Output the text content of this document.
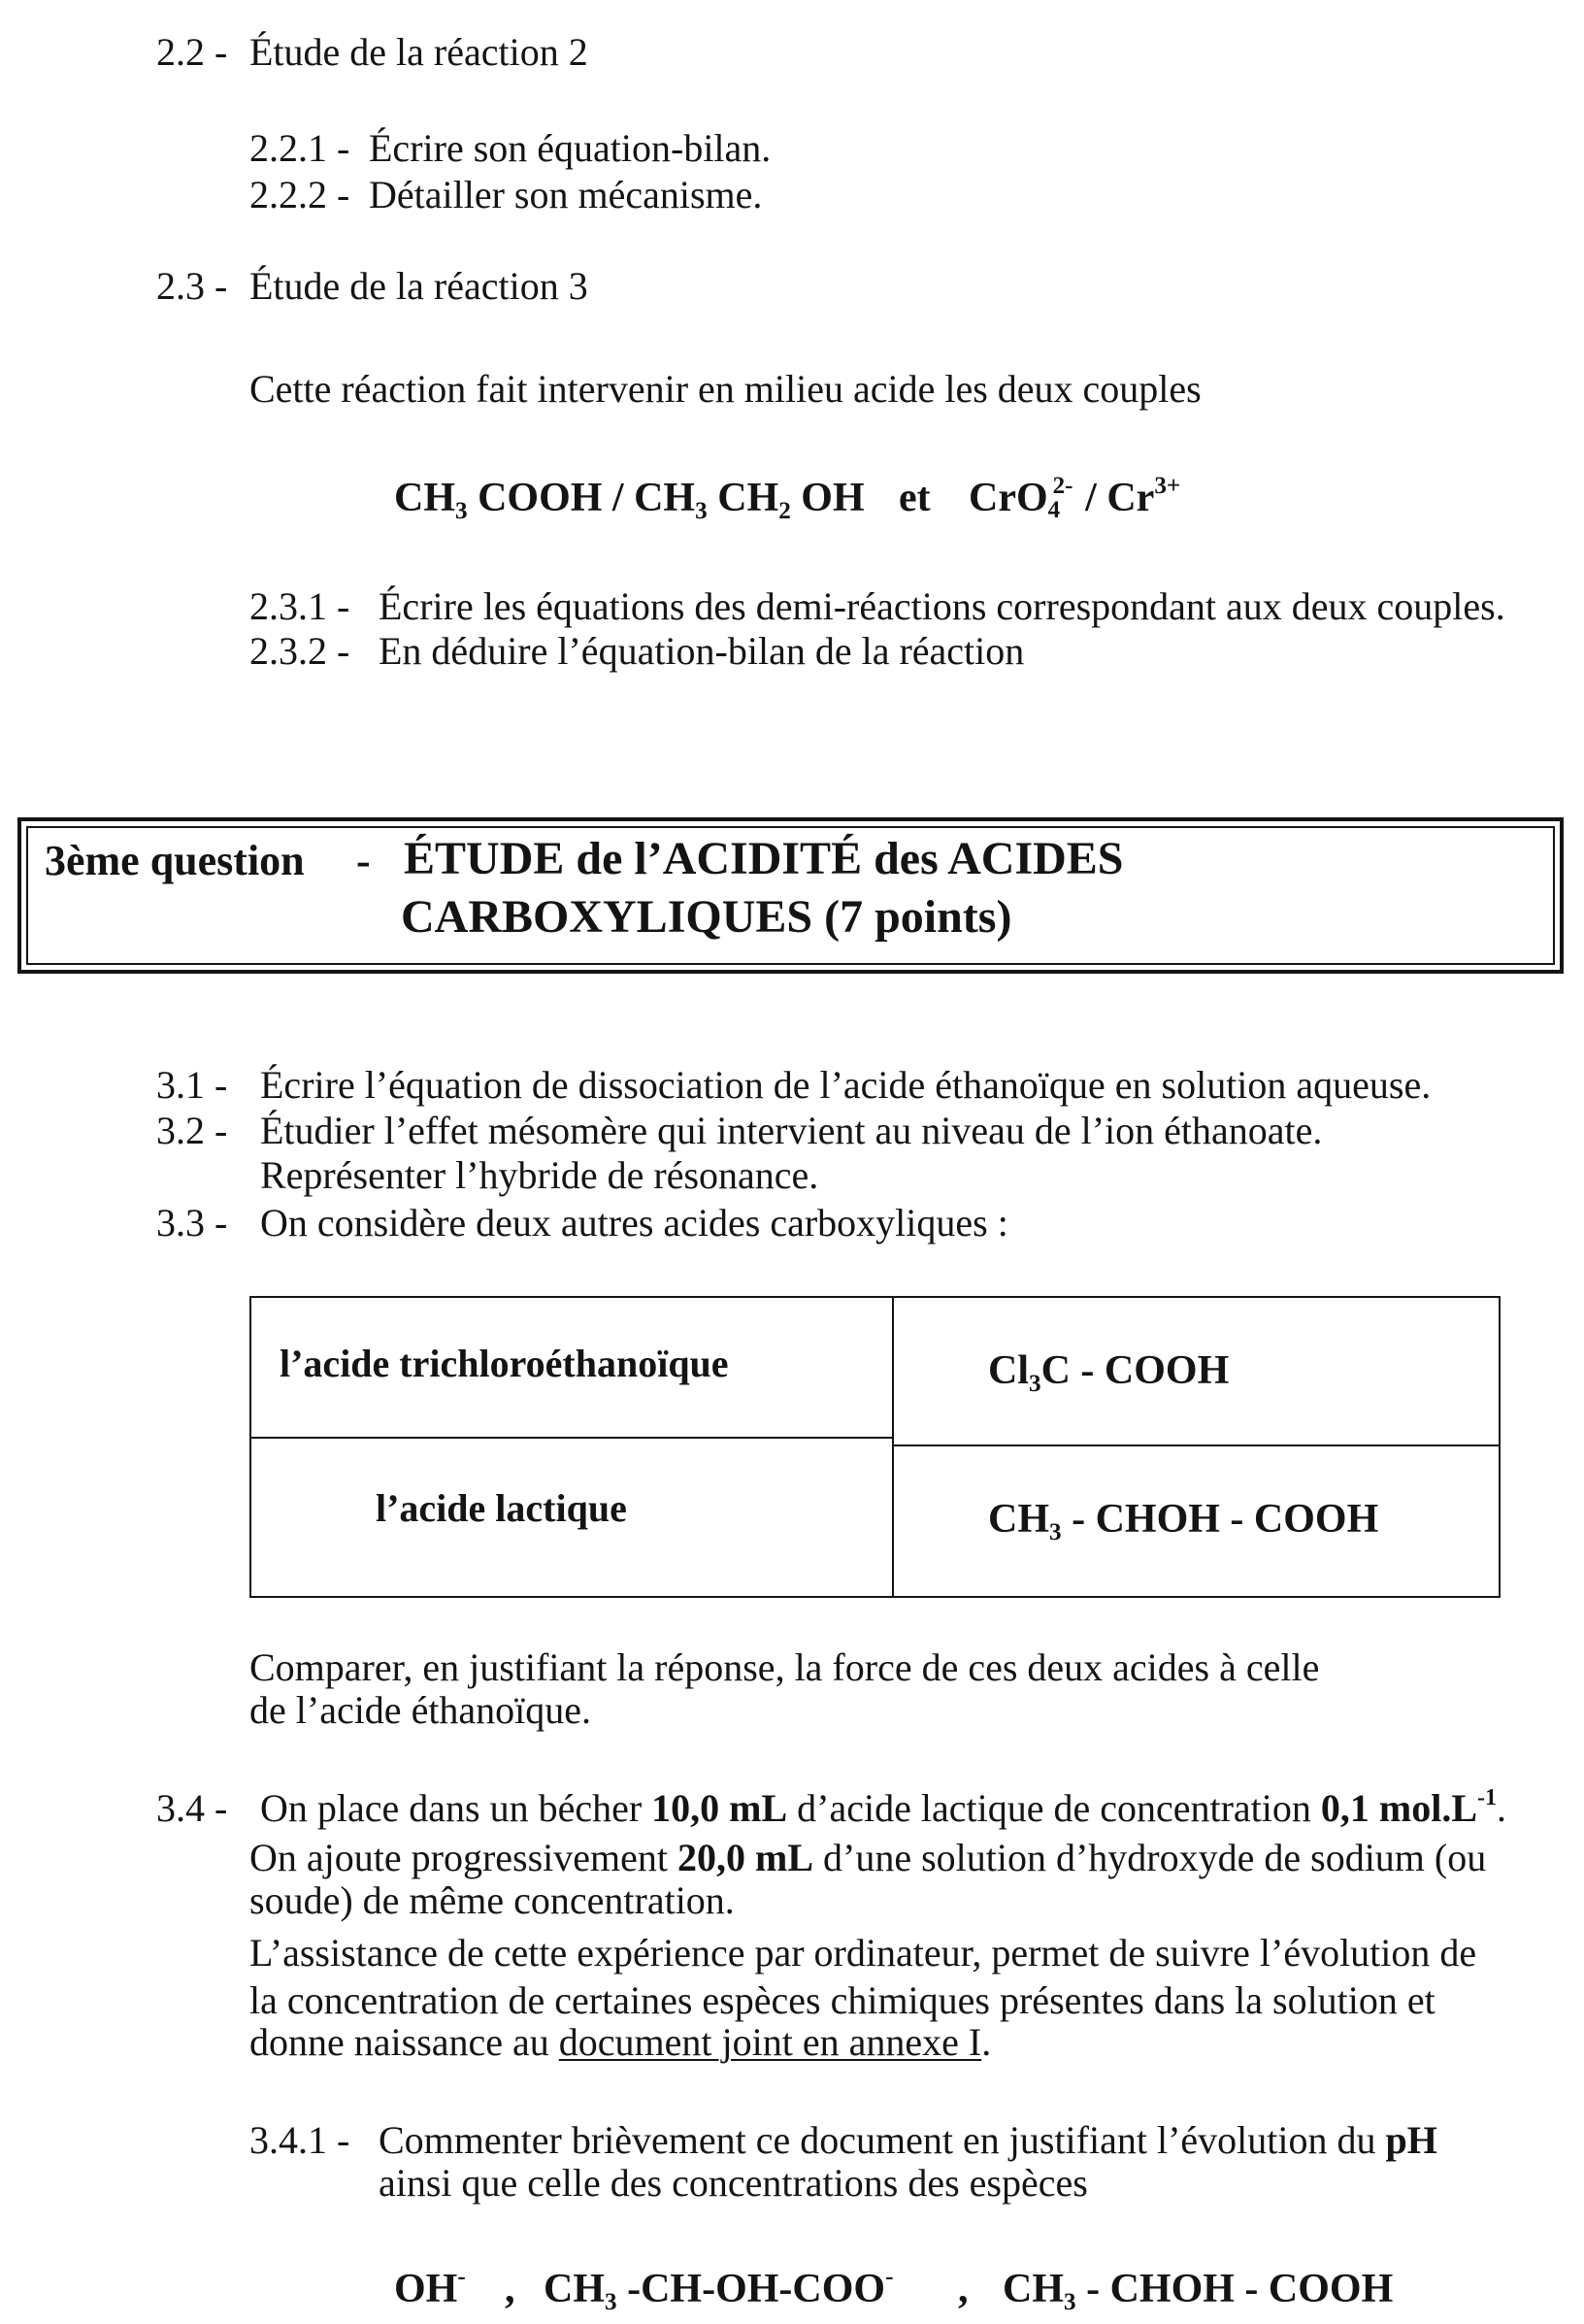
2.2 - Étude de la réaction 2
2.2.1 - Écrire son équation-bilan.
2.2.2 - Détailler son mécanisme.
2.3 - Étude de la réaction 3
Cette réaction fait intervenir en milieu acide les deux couples
CH3 COOH / CH3 CH2 OH et CrO 4
$2- / Cr^{3+}$
2.3.1 - Écrire les équations des demi-réactions correspondant aux deux couples.
2.3.2 - En déduire l’équation-bilan de la réaction
3ème question - ÉTUDE de l’ACIDITÉ des ACIDES
CARBOXYLIQUES (7 points)
3.1 - Écrire l’équation de dissociation de l’acide éthanoïque en solution aqueuse.
3.2 - Étudier l’effet mésomère qui intervient au niveau de l’ion éthanoate.
Représenter l’hybride de résonance.
3.3 - On considère deux autres acides carboxyliques :
l’acide trichloroéthanoïque	Cl3C - COOH
l’acide lactique	CH3 - CHOH - COOH
Comparer, en justifiant la réponse, la force de ces deux acides à celle
de l’acide éthanoïque.
3.4 - On place dans un bécher 10,0 mL d’acide lactique de concentration 0,1 $mol.L^{-1}$.
On ajoute progressivement 20,0 mL d’une solution d’hydroxyde de sodium (ou
soude) de même concentration.
L’assistance de cette expérience par ordinateur, permet de suivre l’évolution de
la concentration de certaines espèces chimiques présentes dans la solution et
donne naissance au document joint en annexe I.
3.4.1 - Commenter brièvement ce document en justifiant l’évolution du pH
ainsi que celle des concentrations des espèces
OH- , CH3 -CH-OH-COO- , CH3 - CHOH - COOH
